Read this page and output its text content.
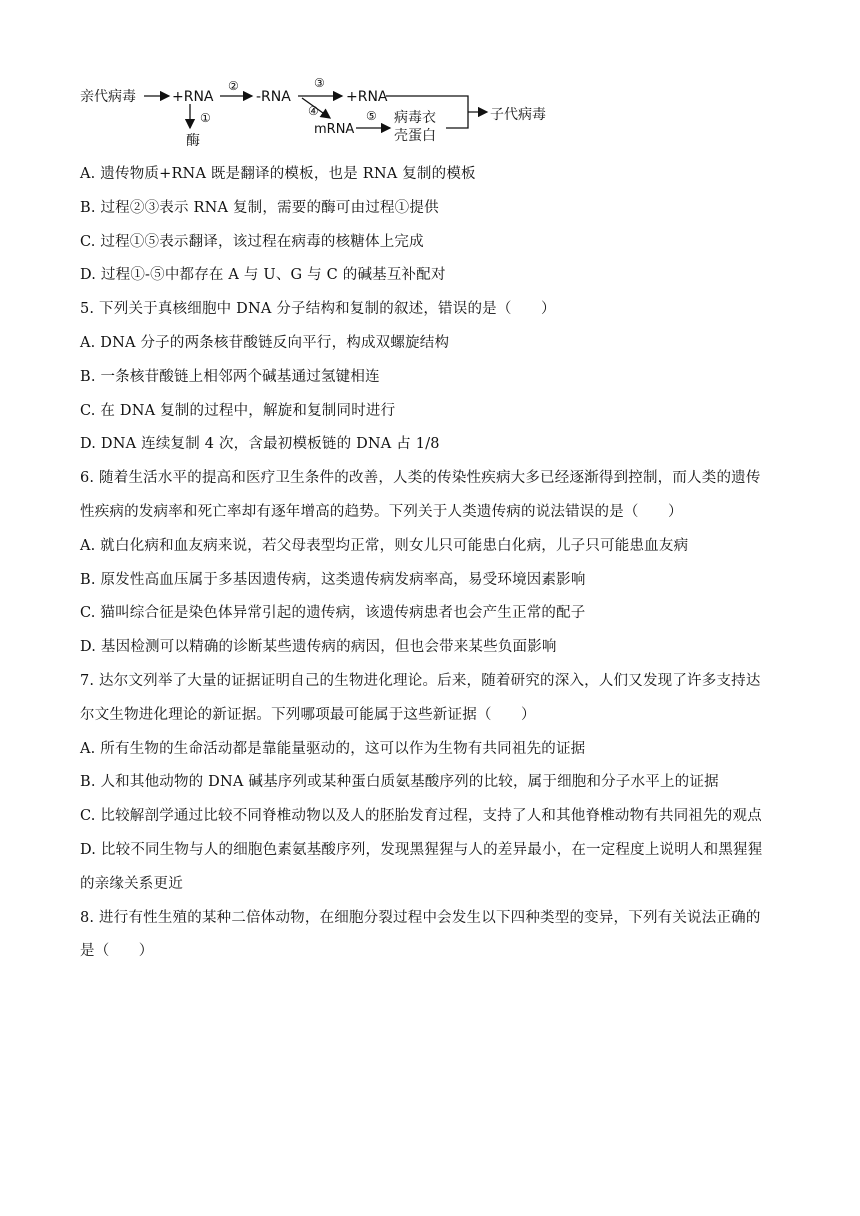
亲代病毒	+RNA	-RNA	+RNA
mRNA
酶
病毒衣
壳蛋白
子代病毒
①
②	③
④	⑤
A. 遗传物质+RNA 既是翻译的模板，也是 RNA 复制的模板
B. 过程②③表示 RNA 复制，需要的酶可由过程①提供
C. 过程①⑤表示翻译，该过程在病毒的核糖体上完成
D. 过程①-⑤中都存在 A 与 U、G 与 C 的碱基互补配对
5. 下列关于真核细胞中 DNA 分子结构和复制的叙述，错误的是（　　）
A. DNA 分子的两条核苷酸链反向平行，构成双螺旋结构
B. 一条核苷酸链上相邻两个碱基通过氢键相连
C. 在 DNA 复制的过程中，解旋和复制同时进行
D. DNA 连续复制 4 次，含最初模板链的 DNA 占 1/8
6. 随着生活水平的提高和医疗卫生条件的改善，人类的传染性疾病大多已经逐渐得到控制，而人类的遗传
性疾病的发病率和死亡率却有逐年增高的趋势。下列关于人类遗传病的说法错误的是（　　）
A. 就白化病和血友病来说，若父母表型均正常，则女儿只可能患白化病，儿子只可能患血友病
B. 原发性高血压属于多基因遗传病，这类遗传病发病率高，易受环境因素影响
C. 猫叫综合征是染色体异常引起的遗传病，该遗传病患者也会产生正常的配子
D. 基因检测可以精确的诊断某些遗传病的病因，但也会带来某些负面影响
7. 达尔文列举了大量的证据证明自己的生物进化理论。后来，随着研究的深入，人们又发现了许多支持达
尔文生物进化理论的新证据。下列哪项最可能属于这些新证据（　　）
A. 所有生物的生命活动都是靠能量驱动的，这可以作为生物有共同祖先的证据
B. 人和其他动物的 DNA 碱基序列或某种蛋白质氨基酸序列的比较，属于细胞和分子水平上的证据
C. 比较解剖学通过比较不同脊椎动物以及人的胚胎发育过程，支持了人和其他脊椎动物有共同祖先的观点
D. 比较不同生物与人的细胞色素氨基酸序列，发现黑猩猩与人的差异最小，在一定程度上说明人和黑猩猩
的亲缘关系更近
8. 进行有性生殖的某种二倍体动物，在细胞分裂过程中会发生以下四种类型的变异，下列有关说法正确的
是（　　）
